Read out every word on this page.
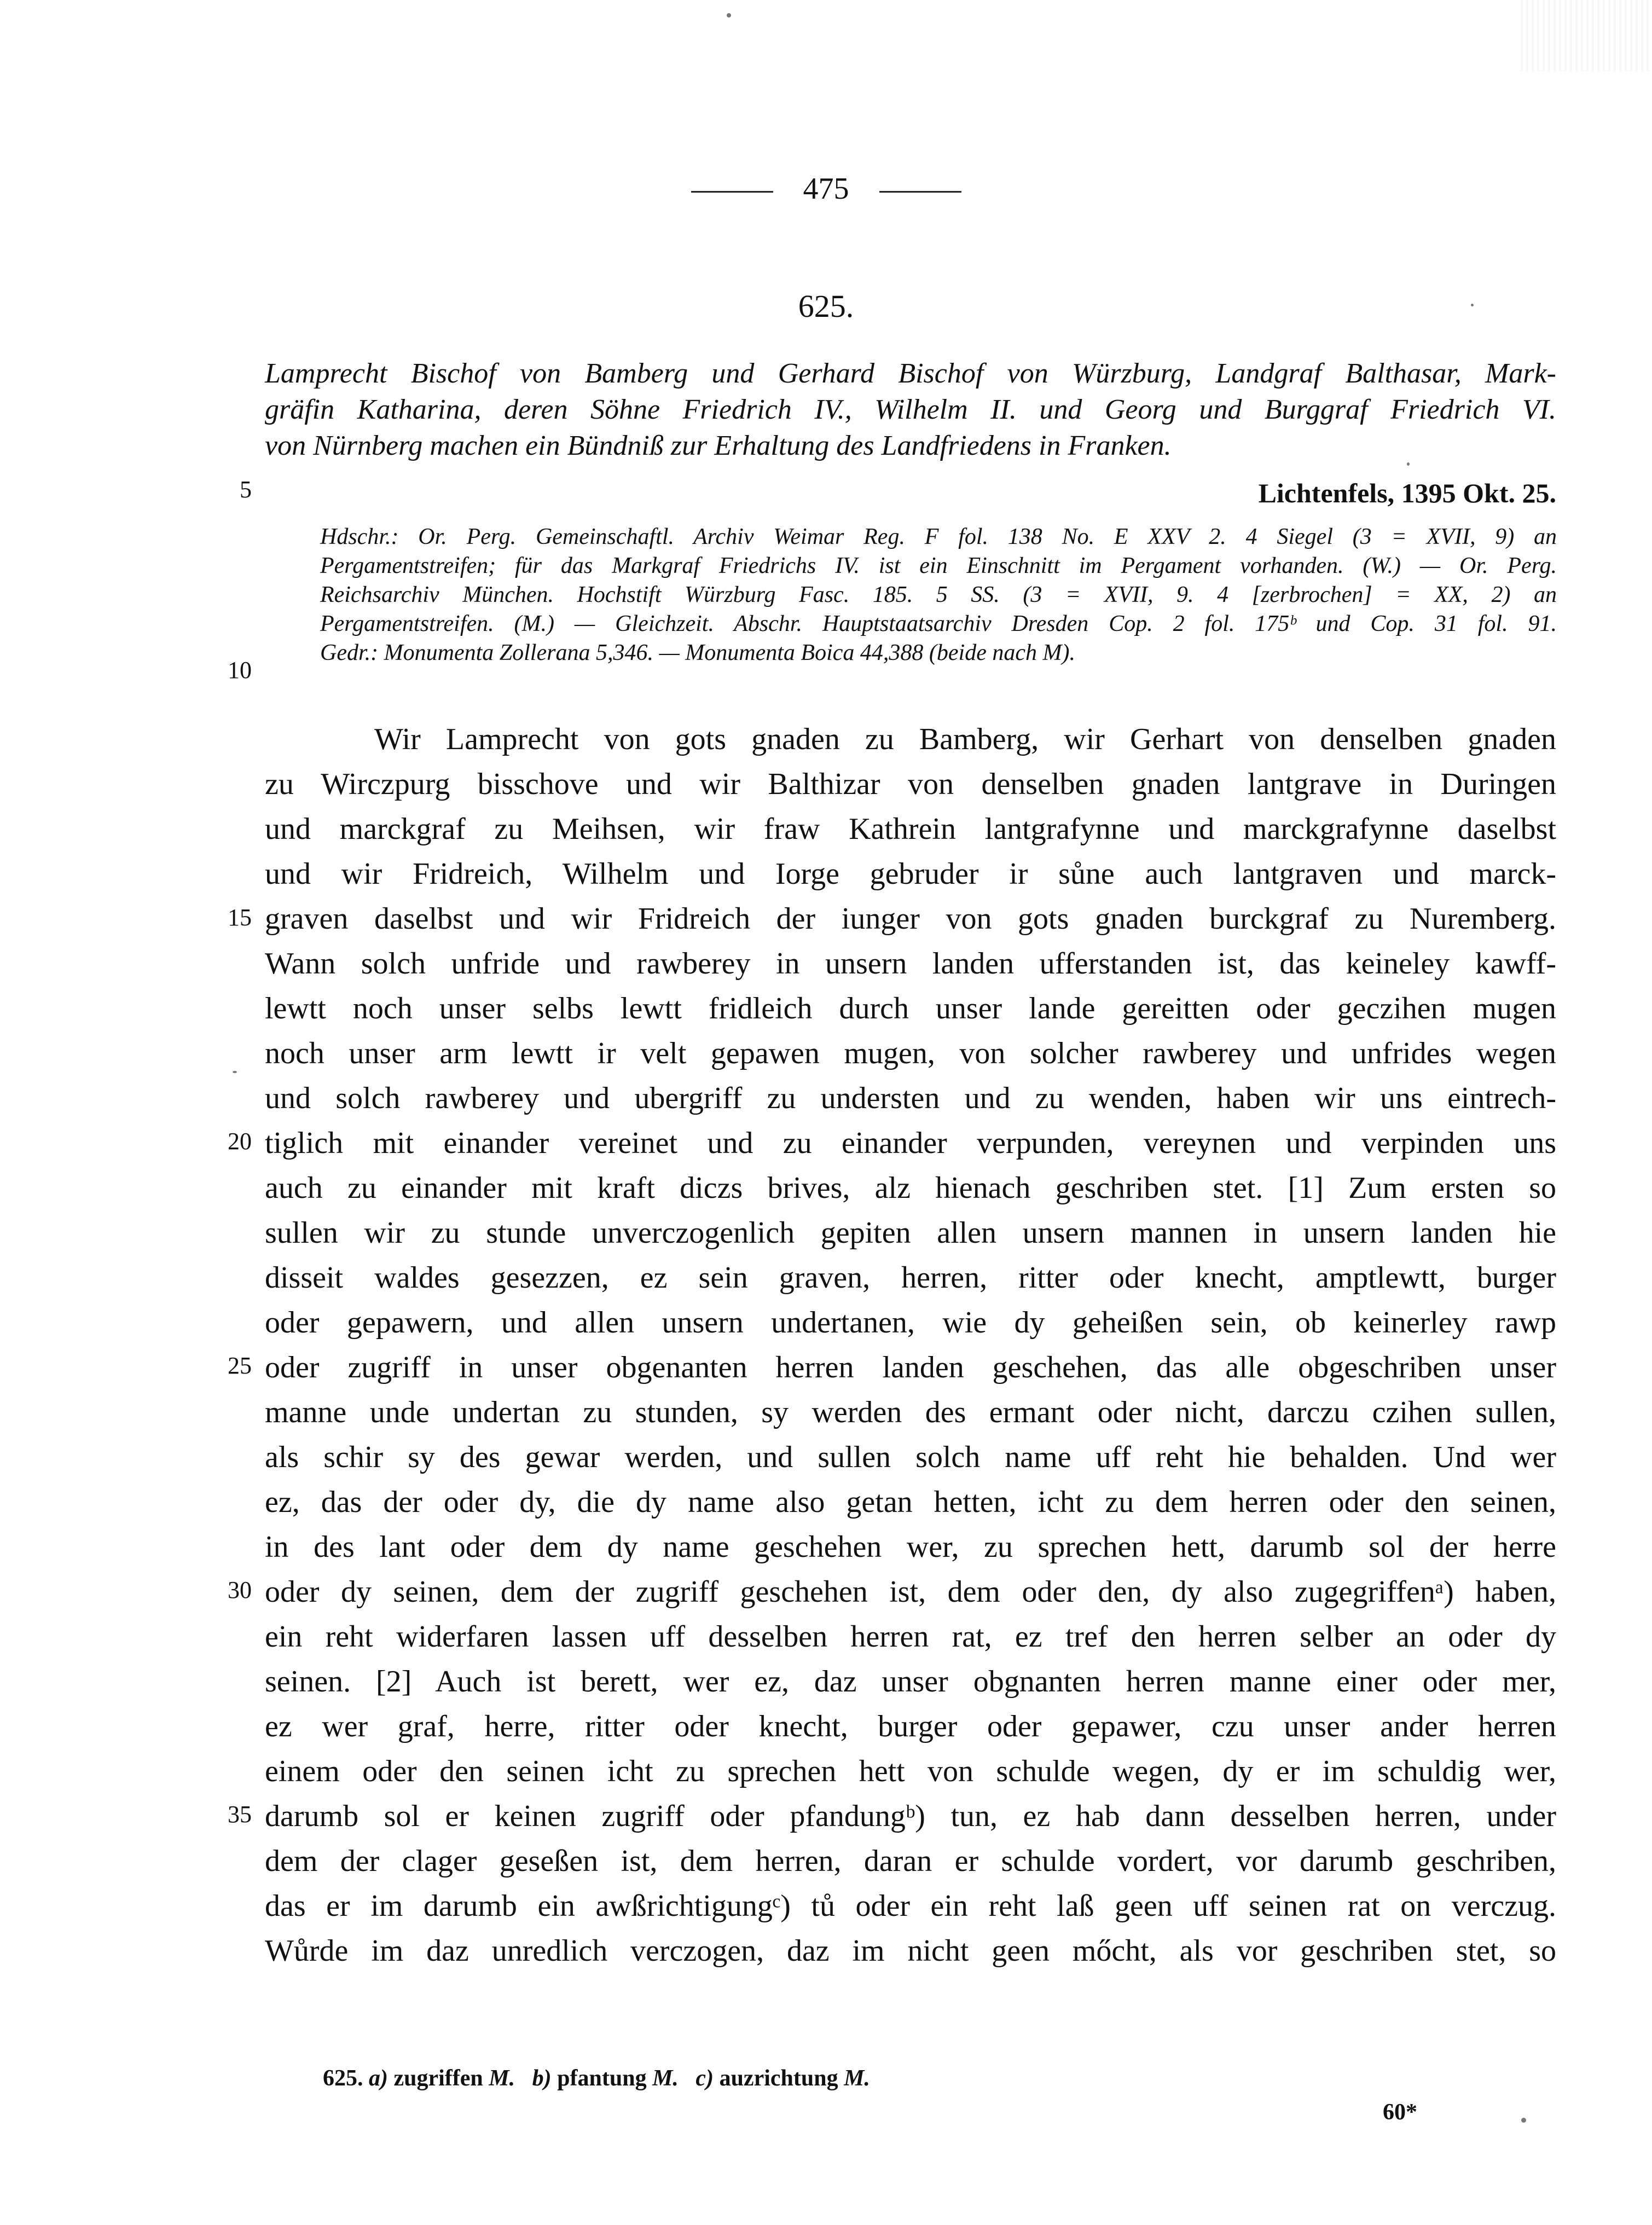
475
625.
Lamprecht Bischof von Bamberg und Gerhard Bischof von Würzburg, Landgraf Balthasar, Mark-
gräfin Katharina, deren Söhne Friedrich IV., Wilhelm II. und Georg und Burggraf Friedrich VI.
von Nürnberg machen ein Bündniß zur Erhaltung des Landfriedens in Franken.
Lichtenfels, 1395 Okt. 25.
5
10
15
20
25
30
35
Hdschr.: Or. Perg. Gemeinschaftl. Archiv Weimar Reg. F fol. 138 No. E XXV 2. 4 Siegel (3 = XVII, 9) an
Pergamentstreifen; für das Markgraf Friedrichs IV. ist ein Einschnitt im Pergament vorhanden. (W.) — Or. Perg.
Reichsarchiv München. Hochstift Würzburg Fasc. 185. 5 SS. (3 = XVII, 9. 4 [zerbrochen] = XX, 2) an
Pergamentstreifen. (M.) — Gleichzeit. Abschr. Hauptstaatsarchiv Dresden Cop. 2 fol. 175ᵇ und Cop. 31 fol. 91.
Gedr.: Monumenta Zollerana 5,346. — Monumenta Boica 44,388 (beide nach M).
Wir Lamprecht von gots gnaden zu Bamberg, wir Gerhart von denselben gnaden
zu Wirczpurg bisschove und wir Balthizar von denselben gnaden lantgrave in Duringen
und marckgraf zu Meihsen, wir fraw Kathrein lantgrafynne und marckgrafynne daselbst
und wir Fridreich, Wilhelm und Iorge gebruder ir sůne auch lantgraven und marck-
graven daselbst und wir Fridreich der iunger von gots gnaden burckgraf zu Nuremberg.
Wann solch unfride und rawberey in unsern landen ufferstanden ist, das keineley kawff-
lewtt noch unser selbs lewtt fridleich durch unser lande gereitten oder geczihen mugen
noch unser arm lewtt ir velt gepawen mugen, von solcher rawberey und unfrides wegen
und solch rawberey und ubergriff zu understen und zu wenden, haben wir uns eintrech-
tiglich mit einander vereinet und zu einander verpunden, vereynen und verpinden uns
auch zu einander mit kraft diczs brives, alz hienach geschriben stet. [1] Zum ersten so
sullen wir zu stunde unverczogenlich gepiten allen unsern mannen in unsern landen hie
disseit waldes gesezzen, ez sein graven, herren, ritter oder knecht, amptlewtt, burger
oder gepawern, und allen unsern undertanen, wie dy geheißen sein, ob keinerley rawp
oder zugriff in unser obgenanten herren landen geschehen, das alle obgeschriben unser
manne unde undertan zu stunden, sy werden des ermant oder nicht, darczu czihen sullen,
als schir sy des gewar werden, und sullen solch name uff reht hie behalden. Und wer
ez, das der oder dy, die dy name also getan hetten, icht zu dem herren oder den seinen,
in des lant oder dem dy name geschehen wer, zu sprechen hett, darumb sol der herre
oder dy seinen, dem der zugriff geschehen ist, dem oder den, dy also zugegriffenᵃ) haben,
ein reht widerfaren lassen uff desselben herren rat, ez tref den herren selber an oder dy
seinen. [2] Auch ist berett, wer ez, daz unser obgnanten herren manne einer oder mer,
ez wer graf, herre, ritter oder knecht, burger oder gepawer, czu unser ander herren
einem oder den seinen icht zu sprechen hett von schulde wegen, dy er im schuldig wer,
darumb sol er keinen zugriff oder pfandungᵇ) tun, ez hab dann desselben herren, under
dem der clager geseßen ist, dem herren, daran er schulde vordert, vor darumb geschriben,
das er im darumb ein awßrichtigungᶜ) tů oder ein reht laß geen uff seinen rat on verczug.
Wůrde im daz unredlich verczogen, daz im nicht geen mőcht, als vor geschriben stet, so
625. a) zugriffen M. b) pfantung M. c) auzrichtung M.
60*
